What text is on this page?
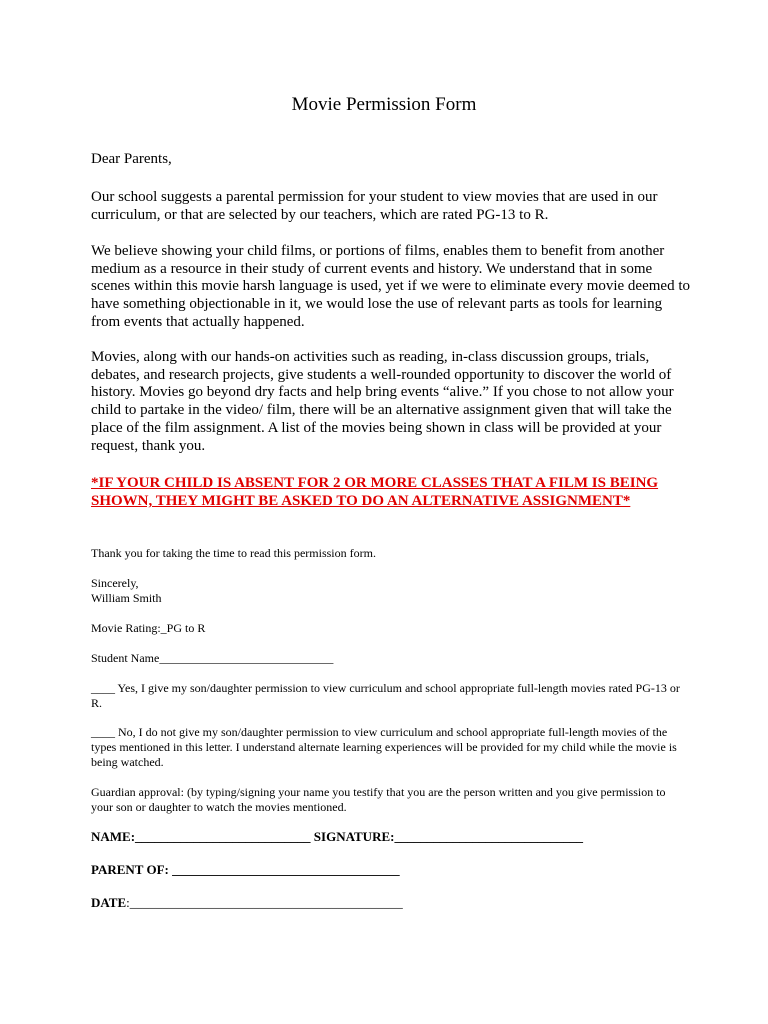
Movie Permission Form
Dear Parents,

Our school suggests a parental permission for your student to view movies that are used in our curriculum, or that are selected by our teachers, which are rated PG-13 to R.

We believe showing your child films, or portions of films, enables them to benefit from another medium as a resource in their study of current events and history. We understand that in some scenes within this movie harsh language is used, yet if we were to eliminate every movie deemed to have something objectionable in it, we would lose the use of relevant parts as tools for learning from events that actually happened.

Movies, along with our hands-on activities such as reading, in-class discussion groups, trials, debates, and research projects, give students a well-rounded opportunity to discover the world of history. Movies go beyond dry facts and help bring events “alive.” If you chose to not allow your child to partake in the video/ film, there will be an alternative assignment given that will take the place of the film assignment. A list of the movies being shown in class will be provided at your request, thank you.

*IF YOUR CHILD IS ABSENT FOR 2 OR MORE CLASSES THAT A FILM IS BEING SHOWN, THEY MIGHT BE ASKED TO DO AN ALTERNATIVE ASSIGNMENT*
Thank you for taking the time to read this permission form.

Sincerely,

William Smith

Movie Rating:_PG to R
Student Name_____________________________
____ Yes, I give my son/daughter permission to view curriculum and school appropriate full-length movies rated PG-13 or R.
____ No, I do not give my son/daughter permission to view curriculum and school appropriate full-length movies of the types mentioned in this letter. I understand alternate learning experiences will be provided for my child while the movie is being watched.
Guardian approval: (by typing/signing your name you testify that you are the person written and you give permission to your son or daughter to watch the movies mentioned.
NAME:___________________________ SIGNATURE:_____________________________
PARENT OF: ___________________________________
DATE:__________________________________________
